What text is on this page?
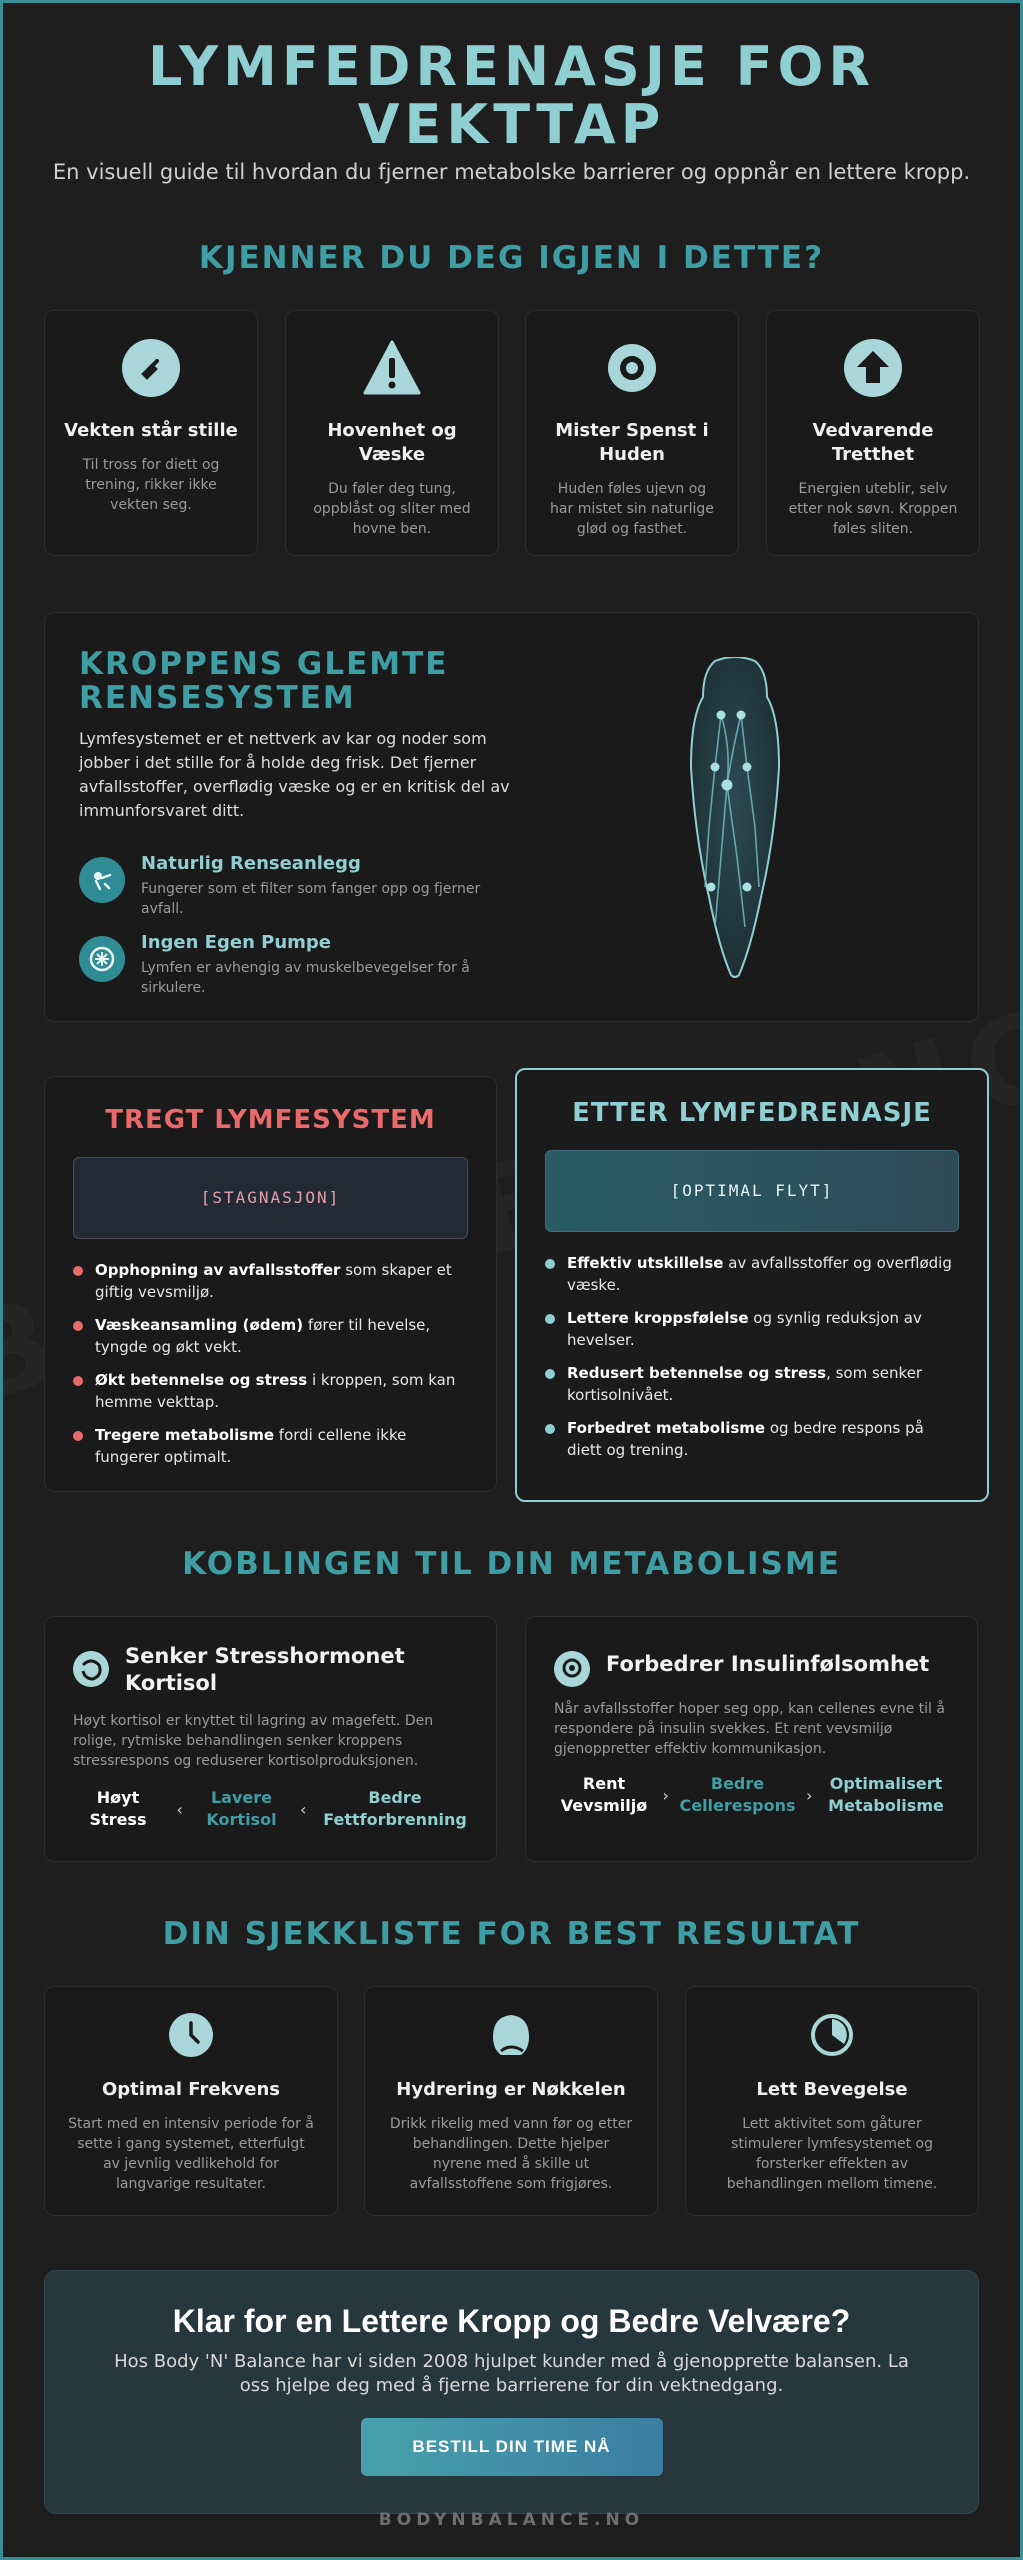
LYMFEDRENASJE FOR VEKTTAP
En visuell guide til hvordan du fjerner metabolske barrierer og oppnår en lettere kropp.
KJENNER DU DEG IGJEN I DETTE?
Vekten står stille
Til tross for diett og trening, rikker ikke vekten seg.
Hovenhet og Væske
Du føler deg tung, oppblåst og sliter med hovne ben.
Mister Spenst i Huden
Huden føles ujevn og har mistet sin naturlige glød og fasthet.
Vedvarende Tretthet
Energien uteblir, selv etter nok søvn. Kroppen føles sliten.
KROPPENS GLEMTE RENSESYSTEM
Lymfesystemet er et nettverk av kar og noder som jobber i det stille for å holde deg frisk. Det fjerner avfallsstoffer, overflødig væske og er en kritisk del av immunforsvaret ditt.
Naturlig Renseanlegg
Fungerer som et filter som fanger opp og fjerner avfall.
Ingen Egen Pumpe
Lymfen er avhengig av muskelbevegelser for å sirkulere.
TREGT LYMFESYSTEM
[STAGNASJON]
Opphopning av avfallsstoffer som skaper et giftig vevsmiljø.
Væskeansamling (ødem) fører til hevelse, tyngde og økt vekt.
Økt betennelse og stress i kroppen, som kan hemme vekttap.
Tregere metabolisme fordi cellene ikke fungerer optimalt.
ETTER LYMFEDRENASJE
[OPTIMAL FLYT]
Effektiv utskillelse av avfallsstoffer og overflødig væske.
Lettere kroppsfølelse og synlig reduksjon av hevelser.
Redusert betennelse og stress, som senker kortisolnivået.
Forbedret metabolisme og bedre respons på diett og trening.
KOBLINGEN TIL DIN METABOLISME
Senker Stresshormonet Kortisol
Høyt kortisol er knyttet til lagring av magefett. Den rolige, rytmiske behandlingen senker kroppens stressrespons og reduserer kortisolproduksjonen.
Høyt Stress
‹
Lavere Kortisol
‹
Bedre Fettforbrenning
Forbedrer Insulinfølsomhet
Når avfallsstoffer hoper seg opp, kan cellenes evne til å respondere på insulin svekkes. Et rent vevsmiljø gjenoppretter effektiv kommunikasjon.
Rent Vevsmiljø
›
Bedre Cellerespons
›
Optimalisert Metabolisme
DIN SJEKKLISTE FOR BEST RESULTAT
Optimal Frekvens
Start med en intensiv periode for å sette i gang systemet, etterfulgt av jevnlig vedlikehold for langvarige resultater.
Hydrering er Nøkkelen
Drikk rikelig med vann før og etter behandlingen. Dette hjelper nyrene med å skille ut avfallsstoffene som frigjøres.
Lett Bevegelse
Lett aktivitet som gåturer stimulerer lymfesystemet og forsterker effekten av behandlingen mellom timene.
Klar for en Lettere Kropp og Bedre Velvære?
Hos Body 'N' Balance har vi siden 2008 hjulpet kunder med å gjenopprette balansen. La oss hjelpe deg med å fjerne barrierene for din vektnedgang.
BESTILL DIN TIME NÅ
BODYNBALANCE.NO
